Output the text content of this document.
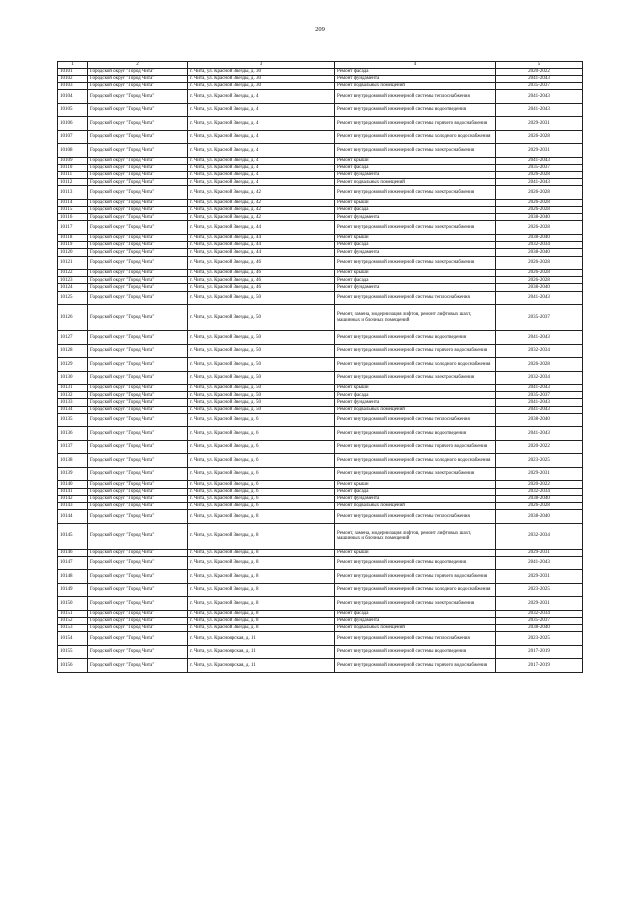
209
1	2	3	4	5
10101	Городской округ "Город Чита"	г. Чита, ул. Красной Звезды, д. 30	Ремонт фасада	2020-2022
10102	Городской округ "Город Чита"	г. Чита, ул. Красной Звезды, д. 30	Ремонт фундамента	2041-2043
10103	Городской округ "Город Чита"	г. Чита, ул. Красной Звезды, д. 30	Ремонт подвальных помещений	2035-2037
10104	Городской округ "Город Чита"	г. Чита, ул. Красной Звезды, д. 4	Ремонт внутридомовой инженерной системы теплоснабжения	2041-2043
10105	Городской округ "Город Чита"	г. Чита, ул. Красной Звезды, д. 4	Ремонт внутридомовой инженерной системы водоотведения	2041-2043
10106	Городской округ "Город Чита"	г. Чита, ул. Красной Звезды, д. 4	Ремонт внутридомовой инженерной системы горячего водоснабжения	2029-2031
10107	Городской округ "Город Чита"	г. Чита, ул. Красной Звезды, д. 4	Ремонт внутридомовой инженерной системы холодного водоснабжения	2026-2028
10108	Городской округ "Город Чита"	г. Чита, ул. Красной Звезды, д. 4	Ремонт внутридомовой инженерной системы электроснабжения	2029-2031
10109	Городской округ "Город Чита"	г. Чита, ул. Красной Звезды, д. 4	Ремонт крыши	2041-2043
10110	Городской округ "Город Чита"	г. Чита, ул. Красной Звезды, д. 4	Ремонт фасада	2035-2037
10111	Городской округ "Город Чита"	г. Чита, ул. Красной Звезды, д. 4	Ремонт фундамента	2026-2028
10112	Городской округ "Город Чита"	г. Чита, ул. Красной Звезды, д. 4	Ремонт подвальных помещений	2041-2043
10113	Городской округ "Город Чита"	г. Чита, ул. Красной Звезды, д. 42	Ремонт внутридомовой инженерной системы электроснабжения	2026-2028
10114	Городской округ "Город Чита"	г. Чита, ул. Красной Звезды, д. 42	Ремонт крыши	2026-2028
10115	Городской округ "Город Чита"	г. Чита, ул. Красной Звезды, д. 42	Ремонт фасада	2026-2028
10116	Городской округ "Город Чита"	г. Чита, ул. Красной Звезды, д. 42	Ремонт фундамента	2038-2040
10117	Городской округ "Город Чита"	г. Чита, ул. Красной Звезды, д. 44	Ремонт внутридомовой инженерной системы электроснабжения	2026-2028
10118	Городской округ "Город Чита"	г. Чита, ул. Красной Звезды, д. 44	Ремонт крыши	2038-2040
10119	Городской округ "Город Чита"	г. Чита, ул. Красной Звезды, д. 44	Ремонт фасада	2032-2034
10120	Городской округ "Город Чита"	г. Чита, ул. Красной Звезды, д. 44	Ремонт фундамента	2038-2040
10121	Городской округ "Город Чита"	г. Чита, ул. Красной Звезды, д. 46	Ремонт внутридомовой инженерной системы электроснабжения	2026-2028
10122	Городской округ "Город Чита"	г. Чита, ул. Красной Звезды, д. 46	Ремонт крыши	2026-2028
10123	Городской округ "Город Чита"	г. Чита, ул. Красной Звезды, д. 46	Ремонт фасада	2026-2028
10124	Городской округ "Город Чита"	г. Чита, ул. Красной Звезды, д. 46	Ремонт фундамента	2038-2040
10125	Городской округ "Город Чита"	г. Чита, ул. Красной Звезды, д. 50	Ремонт внутридомовой инженерной системы теплоснабжения	2041-2043
10126	Городской округ "Город Чита"	г. Чита, ул. Красной Звезды, д. 50	Ремонт, замена, модернизация лифтов, ремонт лифтовых шахт, машинных и блочных помещений	2035-2037
10127	Городской округ "Город Чита"	г. Чита, ул. Красной Звезды, д. 50	Ремонт внутридомовой инженерной системы водоотведения	2041-2043
10128	Городской округ "Город Чита"	г. Чита, ул. Красной Звезды, д. 50	Ремонт внутридомовой инженерной системы горячего водоснабжения	2032-2034
10129	Городской округ "Город Чита"	г. Чита, ул. Красной Звезды, д. 50	Ремонт внутридомовой инженерной системы холодного водоснабжения	2026-2028
10130	Городской округ "Город Чита"	г. Чита, ул. Красной Звезды, д. 50	Ремонт внутридомовой инженерной системы электроснабжения	2032-2034
10131	Городской округ "Город Чита"	г. Чита, ул. Красной Звезды, д. 50	Ремонт крыши	2041-2043
10132	Городской округ "Город Чита"	г. Чита, ул. Красной Звезды, д. 50	Ремонт фасада	2035-2037
10133	Городской округ "Город Чита"	г. Чита, ул. Красной Звезды, д. 50	Ремонт фундамента	2041-2043
10134	Городской округ "Город Чита"	г. Чита, ул. Красной Звезды, д. 50	Ремонт подвальных помещений	2041-2043
10135	Городской округ "Город Чита"	г. Чита, ул. Красной Звезды, д. 6	Ремонт внутридомовой инженерной системы теплоснабжения	2038-2040
10136	Городской округ "Город Чита"	г. Чита, ул. Красной Звезды, д. 6	Ремонт внутридомовой инженерной системы водоотведения	2041-2043
10137	Городской округ "Город Чита"	г. Чита, ул. Красной Звезды, д. 6	Ремонт внутридомовой инженерной системы горячего водоснабжения	2020-2022
10138	Городской округ "Город Чита"	г. Чита, ул. Красной Звезды, д. 6	Ремонт внутридомовой инженерной системы холодного водоснабжения	2023-2025
10139	Городской округ "Город Чита"	г. Чита, ул. Красной Звезды, д. 6	Ремонт внутридомовой инженерной системы электроснабжения	2029-2031
10140	Городской округ "Город Чита"	г. Чита, ул. Красной Звезды, д. 6	Ремонт крыши	2020-2022
10141	Городской округ "Город Чита"	г. Чита, ул. Красной Звезды, д. 6	Ремонт фасада	2032-2034
10142	Городской округ "Город Чита"	г. Чита, ул. Красной Звезды, д. 6	Ремонт фундамента	2038-2040
10143	Городской округ "Город Чита"	г. Чита, ул. Красной Звезды, д. 6	Ремонт подвальных помещений	2026-2028
10144	Городской округ "Город Чита"	г. Чита, ул. Красной Звезды, д. 8	Ремонт внутридомовой инженерной системы теплоснабжения	2038-2040
10145	Городской округ "Город Чита"	г. Чита, ул. Красной Звезды, д. 8	Ремонт, замена, модернизация лифтов, ремонт лифтовых шахт, машинных и блочных помещений	2032-2034
10146	Городской округ "Город Чита"	г. Чита, ул. Красной Звезды, д. 8	Ремонт крыши	2029-2031
10147	Городской округ "Город Чита"	г. Чита, ул. Красной Звезды, д. 8	Ремонт внутридомовой инженерной системы водоотведения	2041-2043
10148	Городской округ "Город Чита"	г. Чита, ул. Красной Звезды, д. 8	Ремонт внутридомовой инженерной системы горячего водоснабжения	2029-2031
10149	Городской округ "Город Чита"	г. Чита, ул. Красной Звезды, д. 8	Ремонт внутридомовой инженерной системы холодного водоснабжения	2023-2025
10150	Городской округ "Город Чита"	г. Чита, ул. Красной Звезды, д. 8	Ремонт внутридомовой инженерной системы электроснабжения	2029-2031
10151	Городской округ "Город Чита"	г. Чита, ул. Красной Звезды, д. 8	Ремонт фасада	2032-2034
10152	Городской округ "Город Чита"	г. Чита, ул. Красной Звезды, д. 8	Ремонт фундамента	2035-2037
10153	Городской округ "Город Чита"	г. Чита, ул. Красной Звезды, д. 8	Ремонт подвальных помещений	2038-2040
10154	Городской округ "Город Чита"	г. Чита, ул. Красноярская, д. 11	Ремонт внутридомовой инженерной системы теплоснабжения	2023-2025
10155	Городской округ "Город Чита"	г. Чита, ул. Красноярская, д. 11	Ремонт внутридомовой инженерной системы водоотведения	2017-2019
10156	Городской округ "Город Чита"	г. Чита, ул. Красноярская, д. 11	Ремонт внутридомовой инженерной системы горячего водоснабжения	2017-2019
